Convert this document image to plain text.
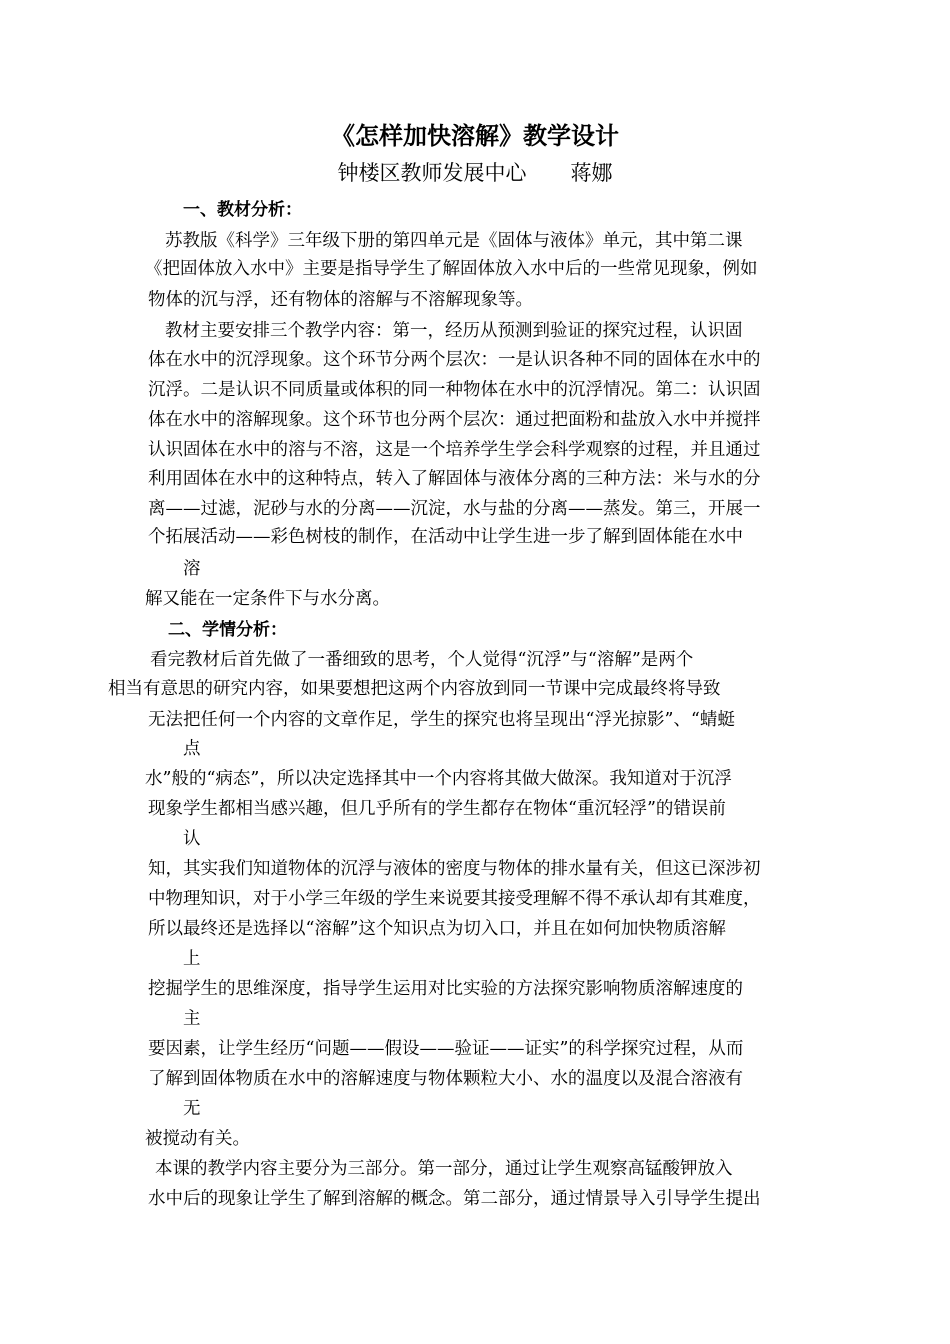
《怎样加快溶解》教学设计
钟楼区教师发展中心 蒋娜
一、教材分析：
苏教版《科学》三年级下册的第四单元是《固体与液体》单元，其中第二课
《把固体放入水中》主要是指导学生了解固体放入水中后的一些常见现象，例如
物体的沉与浮，还有物体的溶解与不溶解现象等。
教材主要安排三个教学内容：第一，经历从预测到验证的探究过程，认识固
体在水中的沉浮现象。这个环节分两个层次：一是认识各种不同的固体在水中的
沉浮。二是认识不同质量或体积的同一种物体在水中的沉浮情况。第二：认识固
体在水中的溶解现象。这个环节也分两个层次：通过把面粉和盐放入水中并搅拌
认识固体在水中的溶与不溶，这是一个培养学生学会科学观察的过程，并且通过
利用固体在水中的这种特点，转入了解固体与液体分离的三种方法：米与水的分
离——过滤，泥砂与水的分离——沉淀，水与盐的分离——蒸发。第三，开展一
个拓展活动——彩色树枝的制作，在活动中让学生进一步了解到固体能在水中
溶
解又能在一定条件下与水分离。
二、学情分析：
看完教材后首先做了一番细致的思考，个人觉得“沉浮”与“溶解”是两个
相当有意思的研究内容，如果要想把这两个内容放到同一节课中完成最终将导致
无法把任何一个内容的文章作足，学生的探究也将呈现出“浮光掠影”、“蜻蜓
点
水”般的“病态”，所以决定选择其中一个内容将其做大做深。我知道对于沉浮
现象学生都相当感兴趣，但几乎所有的学生都存在物体“重沉轻浮”的错误前
认
知，其实我们知道物体的沉浮与液体的密度与物体的排水量有关，但这已深涉初
中物理知识，对于小学三年级的学生来说要其接受理解不得不承认却有其难度，
所以最终还是选择以“溶解”这个知识点为切入口，并且在如何加快物质溶解
上
挖掘学生的思维深度，指导学生运用对比实验的方法探究影响物质溶解速度的
主
要因素，让学生经历“问题——假设——验证——证实”的科学探究过程，从而
了解到固体物质在水中的溶解速度与物体颗粒大小、水的温度以及混合溶液有
无
被搅动有关。
本课的教学内容主要分为三部分。第一部分，通过让学生观察高锰酸钾放入
水中后的现象让学生了解到溶解的概念。第二部分，通过情景导入引导学生提出
